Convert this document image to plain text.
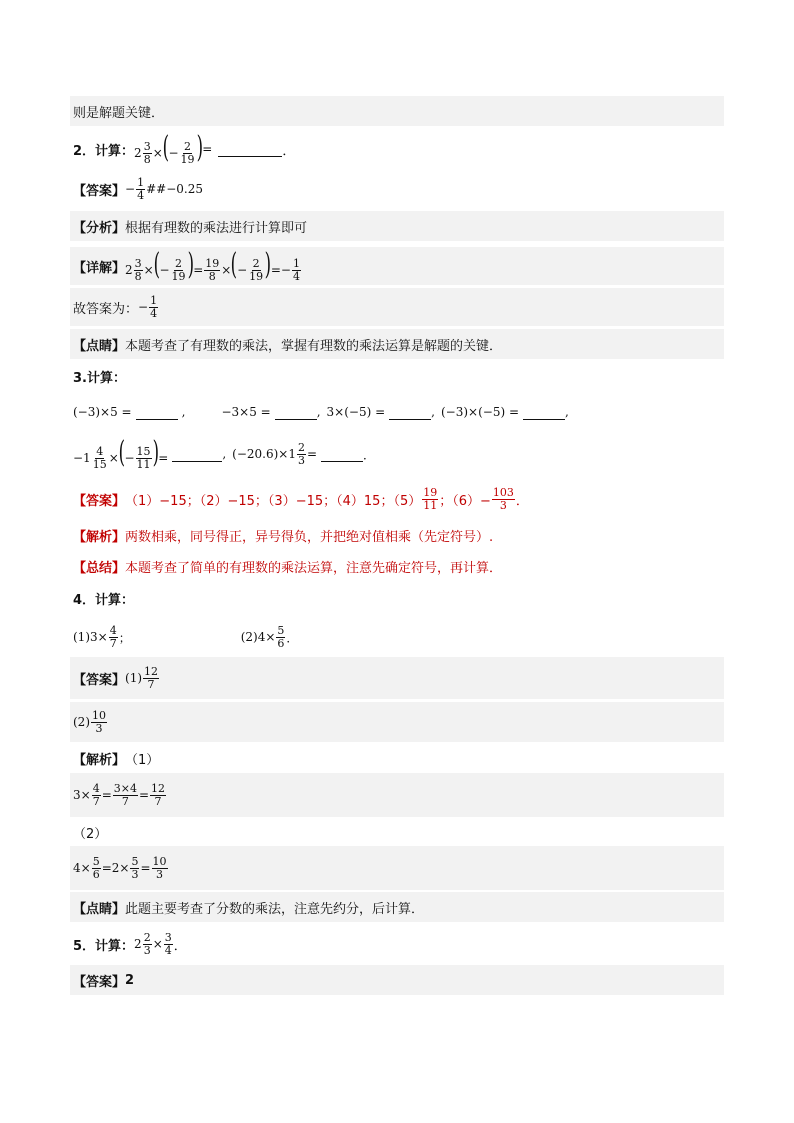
则是解题关键．
2．计算： $2 \frac{3}{8}$ ×(− $\frac{2}{19}$ ) =	．
【答案】 − $\frac{1}{4}$ ##−0.25
【分析】 根据有理数的乘法进行计算即可
【详解】 $2 \frac{3}{8}$ ×(− $\frac{2}{19}$ )= $\frac{19}{8}$ ×(− $\frac{2}{19}$ )=− $\frac{1}{4}$
故答案为： − $\frac{1}{4}$
【点睛】 本题考查了有理数的乘法，掌握有理数的乘法运算是解题的关键．
3.计算：
(−3)×5 =	,	−3×5 =	, 3×(−5) =	, (−3)×(−5) =	,
$-1 \frac{4}{15}$ ×(− $\frac{15}{11}$ )=	, $(-20.6)\times 1 \frac{2}{3}$ =	．
【答案】 （1）−15；（2）−15；（3）−15；（4）15；$(5) \frac{19}{11}$ ；$(6)- \frac{103}{3}$ ．
【解析】 两数相乘，同号得正，异号得负，并把绝对值相乘（先定符号）.
【总结】 本题考查了简单的有理数的乘法运算，注意先确定符号，再计算．
4．计算：
(1) $3\times \frac{4}{7}$ ；	(2) $4\times \frac{5}{6}$ ．
【答案】 $(1) \frac{12}{7}$
$(2) \frac{10}{3}$
【解析】 （1）
$3\times \frac{4}{7} = \frac{3\times 4}{7} = \frac{12}{7}$
（2）
$4\times \frac{5}{6} =2\times \frac{5}{3} = \frac{10}{3}$
【点睛】 此题主要考查了分数的乘法，注意先约分，后计算．
5．计算： $2 \frac{2}{3} \times \frac{3}{4}$ ．
【答案】 2
